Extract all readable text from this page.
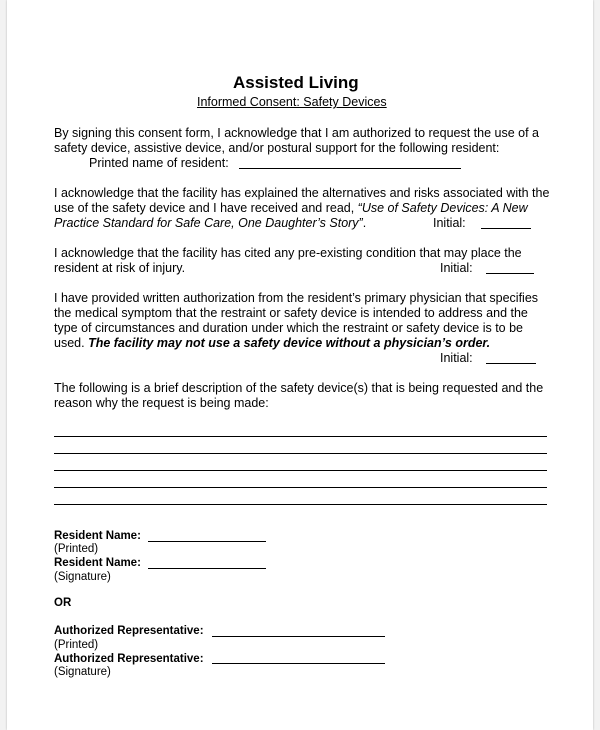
Assisted Living
Informed Consent: Safety Devices
By signing this consent form, I acknowledge that I am authorized to request the use of a
safety device, assistive device, and/or postural support for the following resident:
Printed name of resident:
I acknowledge that the facility has explained the alternatives and risks associated with the
use of the safety device and I have received and read, “Use of Safety Devices: A New
Practice Standard for Safe Care, One Daughter’s Story”.	Initial:
I acknowledge that the facility has cited any pre-existing condition that may place the
resident at risk of injury.	Initial:
I have provided written authorization from the resident’s primary physician that specifies
the medical symptom that the restraint or safety device is intended to address and the
type of circumstances and duration under which the restraint or safety device is to be
used. The facility may not use a safety device without a physician’s order.
Initial:
The following is a brief description of the safety device(s) that is being requested and the
reason why the request is being made:
Resident Name:
(Printed)
Resident Name:
(Signature)
OR
Authorized Representative:
(Printed)
Authorized Representative:
(Signature)
